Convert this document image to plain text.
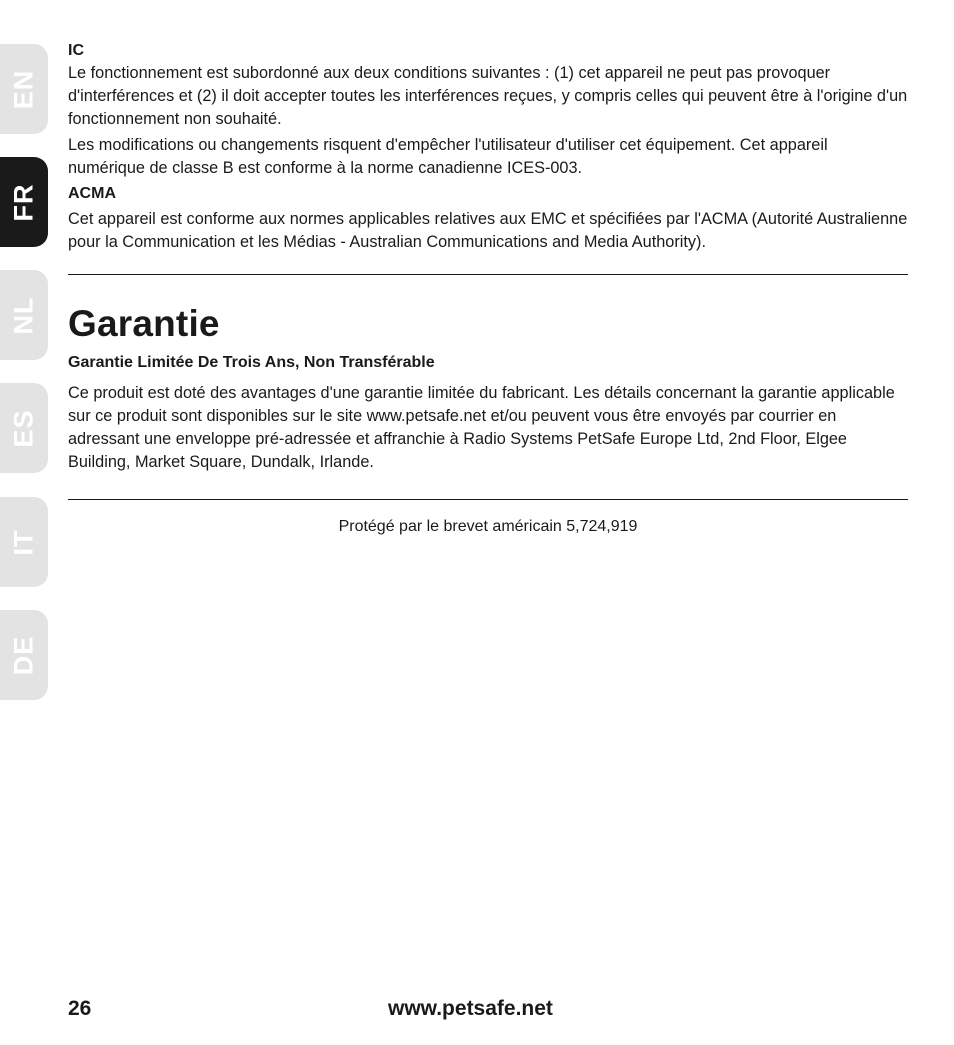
EN
FR
NL
ES
IT
DE
IC

Le fonctionnement est subordonné aux deux conditions suivantes : (1) cet appareil ne peut pas provoquer d'interférences et (2) il doit accepter toutes les interférences reçues, y compris celles qui peuvent être à l'origine d'un fonctionnement non souhaité.

Les modifications ou changements risquent d'empêcher l'utilisateur d'utiliser cet équipement. Cet appareil numérique de classe B est conforme à la norme canadienne ICES-003.

ACMA

Cet appareil est conforme aux normes applicables relatives aux EMC et spécifiées par l'ACMA (Autorité Australienne pour la Communication et les Médias - Australian Communications and Media Authority).

Garantie
Garantie Limitée De Trois Ans, Non Transférable

Ce produit est doté des avantages d'une garantie limitée du fabricant. Les détails concernant la garantie applicable sur ce produit sont disponibles sur le site www.petsafe.net et/ou peuvent vous être envoyés par courrier en adressant une enveloppe pré-adressée et affranchie à Radio Systems PetSafe Europe Ltd, 2nd Floor, Elgee Building, Market Square, Dundalk, Irlande.

Protégé par le brevet américain 5,724,919
26	www.petsafe.net
